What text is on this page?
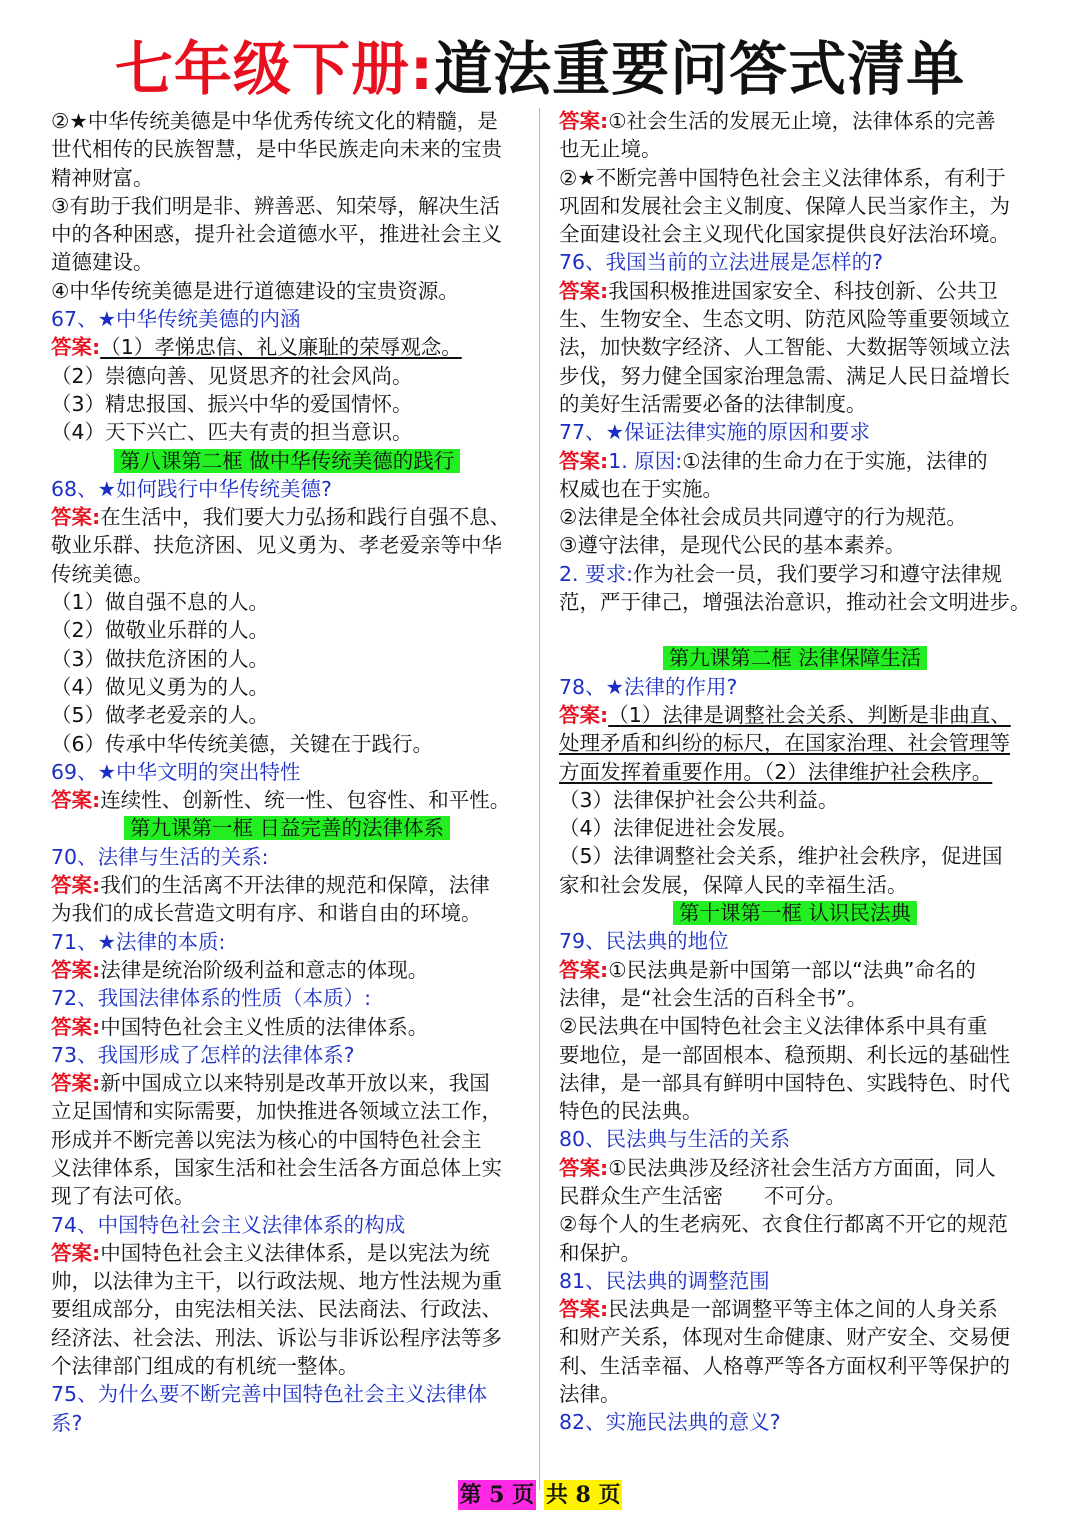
七年级下册:道法重要问答式清单
②★中华传统美德是中华优秀传统文化的精髓，是
世代相传的民族智慧，是中华民族走向未来的宝贵
精神财富。
③有助于我们明是非、辨善恶、知荣辱，解决生活
中的各种困惑，提升社会道德水平，推进社会主义
道德建设。
④中华传统美德是进行道德建设的宝贵资源。
67、★中华传统美德的内涵
答案:（1）孝悌忠信、礼义廉耻的荣辱观念。
（2）崇德向善、见贤思齐的社会风尚。
（3）精忠报国、振兴中华的爱国情怀。
（4）天下兴亡、匹夫有责的担当意识。
第八课第二框 做中华传统美德的践行
68、★如何践行中华传统美德?
答案:在生活中，我们要大力弘扬和践行自强不息、
敬业乐群、扶危济困、见义勇为、孝老爱亲等中华
传统美德。
（1）做自强不息的人。
（2）做敬业乐群的人。
（3）做扶危济困的人。
（4）做见义勇为的人。
（5）做孝老爱亲的人。
（6）传承中华传统美德，关键在于践行。
69、★中华文明的突出特性
答案:连续性、创新性、统一性、包容性、和平性。
第九课第一框 日益完善的法律体系
70、法律与生活的关系:
答案:我们的生活离不开法律的规范和保障，法律
为我们的成长营造文明有序、和谐自由的环境。
71、★法律的本质:
答案:法律是统治阶级利益和意志的体现。
72、我国法律体系的性质（本质）:
答案:中国特色社会主义性质的法律体系。
73、我国形成了怎样的法律体系?
答案:新中国成立以来特别是改革开放以来，我国
立足国情和实际需要，加快推进各领域立法工作，
形成并不断完善以宪法为核心的中国特色社会主
义法律体系，国家生活和社会生活各方面总体上实
现了有法可依。
74、中国特色社会主义法律体系的构成
答案:中国特色社会主义法律体系，是以宪法为统
帅，以法律为主干，以行政法规、地方性法规为重
要组成部分，由宪法相关法、民法商法、行政法、
经济法、社会法、刑法、诉讼与非诉讼程序法等多
个法律部门组成的有机统一整体。
75、为什么要不断完善中国特色社会主义法律体
系?
答案:①社会生活的发展无止境，法律体系的完善
也无止境。
②★不断完善中国特色社会主义法律体系，有利于
巩固和发展社会主义制度、保障人民当家作主，为
全面建设社会主义现代化国家提供良好法治环境。
76、我国当前的立法进展是怎样的?
答案:我国积极推进国家安全、科技创新、公共卫
生、生物安全、生态文明、防范风险等重要领域立
法，加快数字经济、人工智能、大数据等领域立法
步伐，努力健全国家治理急需、满足人民日益增长
的美好生活需要必备的法律制度。
77、★保证法律实施的原因和要求
答案:1. 原因:①法律的生命力在于实施，法律的
权威也在于实施。
②法律是全体社会成员共同遵守的行为规范。
③遵守法律，是现代公民的基本素养。
2. 要求:作为社会一员，我们要学习和遵守法律规
范，严于律己，增强法治意识，推动社会文明进步。
第九课第二框 法律保障生活
78、★法律的作用?
答案:（1）法律是调整社会关系、判断是非曲直、
处理矛盾和纠纷的标尺，在国家治理、社会管理等
方面发挥着重要作用。（2）法律维护社会秩序。
（3）法律保护社会公共利益。
（4）法律促进社会发展。
（5）法律调整社会关系，维护社会秩序，促进国
家和社会发展，保障人民的幸福生活。
第十课第一框 认识民法典
79、民法典的地位
答案:①民法典是新中国第一部以“法典”命名的
法律，是“社会生活的百科全书”。
②民法典在中国特色社会主义法律体系中具有重
要地位，是一部固根本、稳预期、利长远的基础性
法律，是一部具有鲜明中国特色、实践特色、时代
特色的民法典。
80、民法典与生活的关系
答案:①民法典涉及经济社会生活方方面面，同人
民群众生产生活密　　不可分。
②每个人的生老病死、衣食住行都离不开它的规范
和保护。
81、民法典的调整范围
答案:民法典是一部调整平等主体之间的人身关系
和财产关系，体现对生命健康、财产安全、交易便
利、生活幸福、人格尊严等各方面权利平等保护的
法律。
82、实施民法典的意义?
第 5 页 共 8 页
